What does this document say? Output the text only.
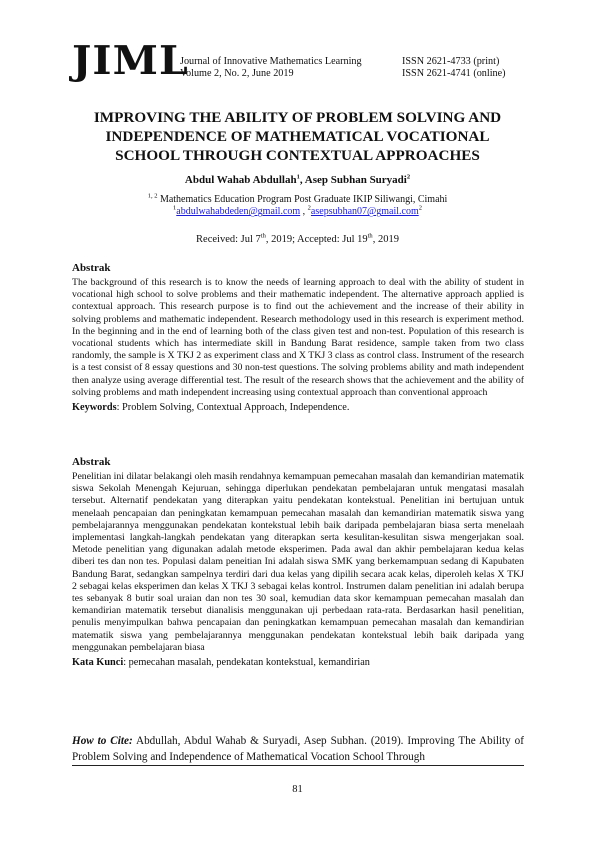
JIML
Journal of Innovative Mathematics Learning
Volume 2, No. 2, June 2019
ISSN 2621-4733 (print)
ISSN 2621-4741 (online)
IMPROVING THE ABILITY OF PROBLEM SOLVING AND
INDEPENDENCE OF MATHEMATICAL VOCATIONAL
SCHOOL THROUGH CONTEXTUAL APPROACHES
Abdul Wahab Abdullah$^1$, Asep Subhan Suryadi$^2$
$^{1, 2}$ Mathematics Education Program Post Graduate IKIP Siliwangi, Cimahi
$^1$abdulwahabdeden@gmail.com , $^2$asepsubhan07@gmail.com$^2$
Received: Jul 7th, 2019; Accepted: Jul 19th, 2019
Abstrak
The background of this research is to know the needs of learning approach to deal with the ability of student in vocational high school to solve problems and their mathematic independent. The alternative approach applied is contextual approach. This research purpose is to find out the achievement and the increase of their ability in solving problems and mathematic independent. Research methodology used in this research is experiment method. In the beginning and in the end of learning both of the class given test and non-test. Population of this research is vocational students which has intermediate skill in Bandung Barat residence, sample taken from two class randomly, the sample is X TKJ 2 as experiment class and X TKJ 3 class as control class. Instrument of the research is a test consist of 8 essay questions and 30 non-test questions. The solving problems ability and math independent then analyze using average differential test. The result of the research shows that the achievement and the ability of solving problems and math independent increasing using contextual approach than conventional approach
Keywords: Problem Solving, Contextual Approach, Independence.
Abstrak
Penelitian ini dilatar belakangi oleh masih rendahnya kemampuan pemecahan masalah dan kemandirian matematik siswa Sekolah Menengah Kejuruan, sehingga diperlukan pendekatan pembelajaran untuk mengatasi masalah tersebut. Alternatif pendekatan yang diterapkan yaitu pendekatan kontekstual. Penelitian ini bertujuan untuk menelaah pencapaian dan peningkatan kemampuan pemecahan masalah dan kemandirian matematik siswa yang pembelajarannya menggunakan pendekatan kontekstual lebih baik daripada pembelajaran biasa serta menelaah implementasi langkah-langkah pendekatan yang diterapkan serta kesulitan-kesulitan siswa mengerjakan soal. Metode penelitian yang digunakan adalah metode eksperimen. Pada awal dan akhir pembelajaran kedua kelas diberi tes dan non tes. Populasi dalam peneitian Ini adalah siswa SMK yang berkemampuan sedang di Kapubaten Bandung Barat, sedangkan sampelnya terdiri dari dua kelas yang dipilih secara acak kelas, diperoleh kelas X TKJ 2 sebagai kelas eksperimen dan kelas X TKJ 3 sebagai kelas kontrol. Instrumen dalam penelitian ini adalah berupa tes sebanyak 8 butir soal uraian dan non tes 30 soal, kemudian data skor kemampuan pemecahan masalah dan kemandirian matematik tersebut dianalisis menggunakan uji perbedaan rata-rata. Berdasarkan hasil penelitian, penulis menyimpulkan bahwa pencapaian dan peningkatkan kemampuan pemecahan masalah dan kemandirian matematik siswa yang pembelajarannya menggunakan pendekatan kontekstual lebih baik daripada yang menggunakan pembelajaran biasa
Kata Kunci: pemecahan masalah, pendekatan kontekstual, kemandirian
How to Cite: Abdullah, Abdul Wahab & Suryadi, Asep Subhan. (2019). Improving The Ability of Problem Solving and Independence of Mathematical Vocation School Through
81
